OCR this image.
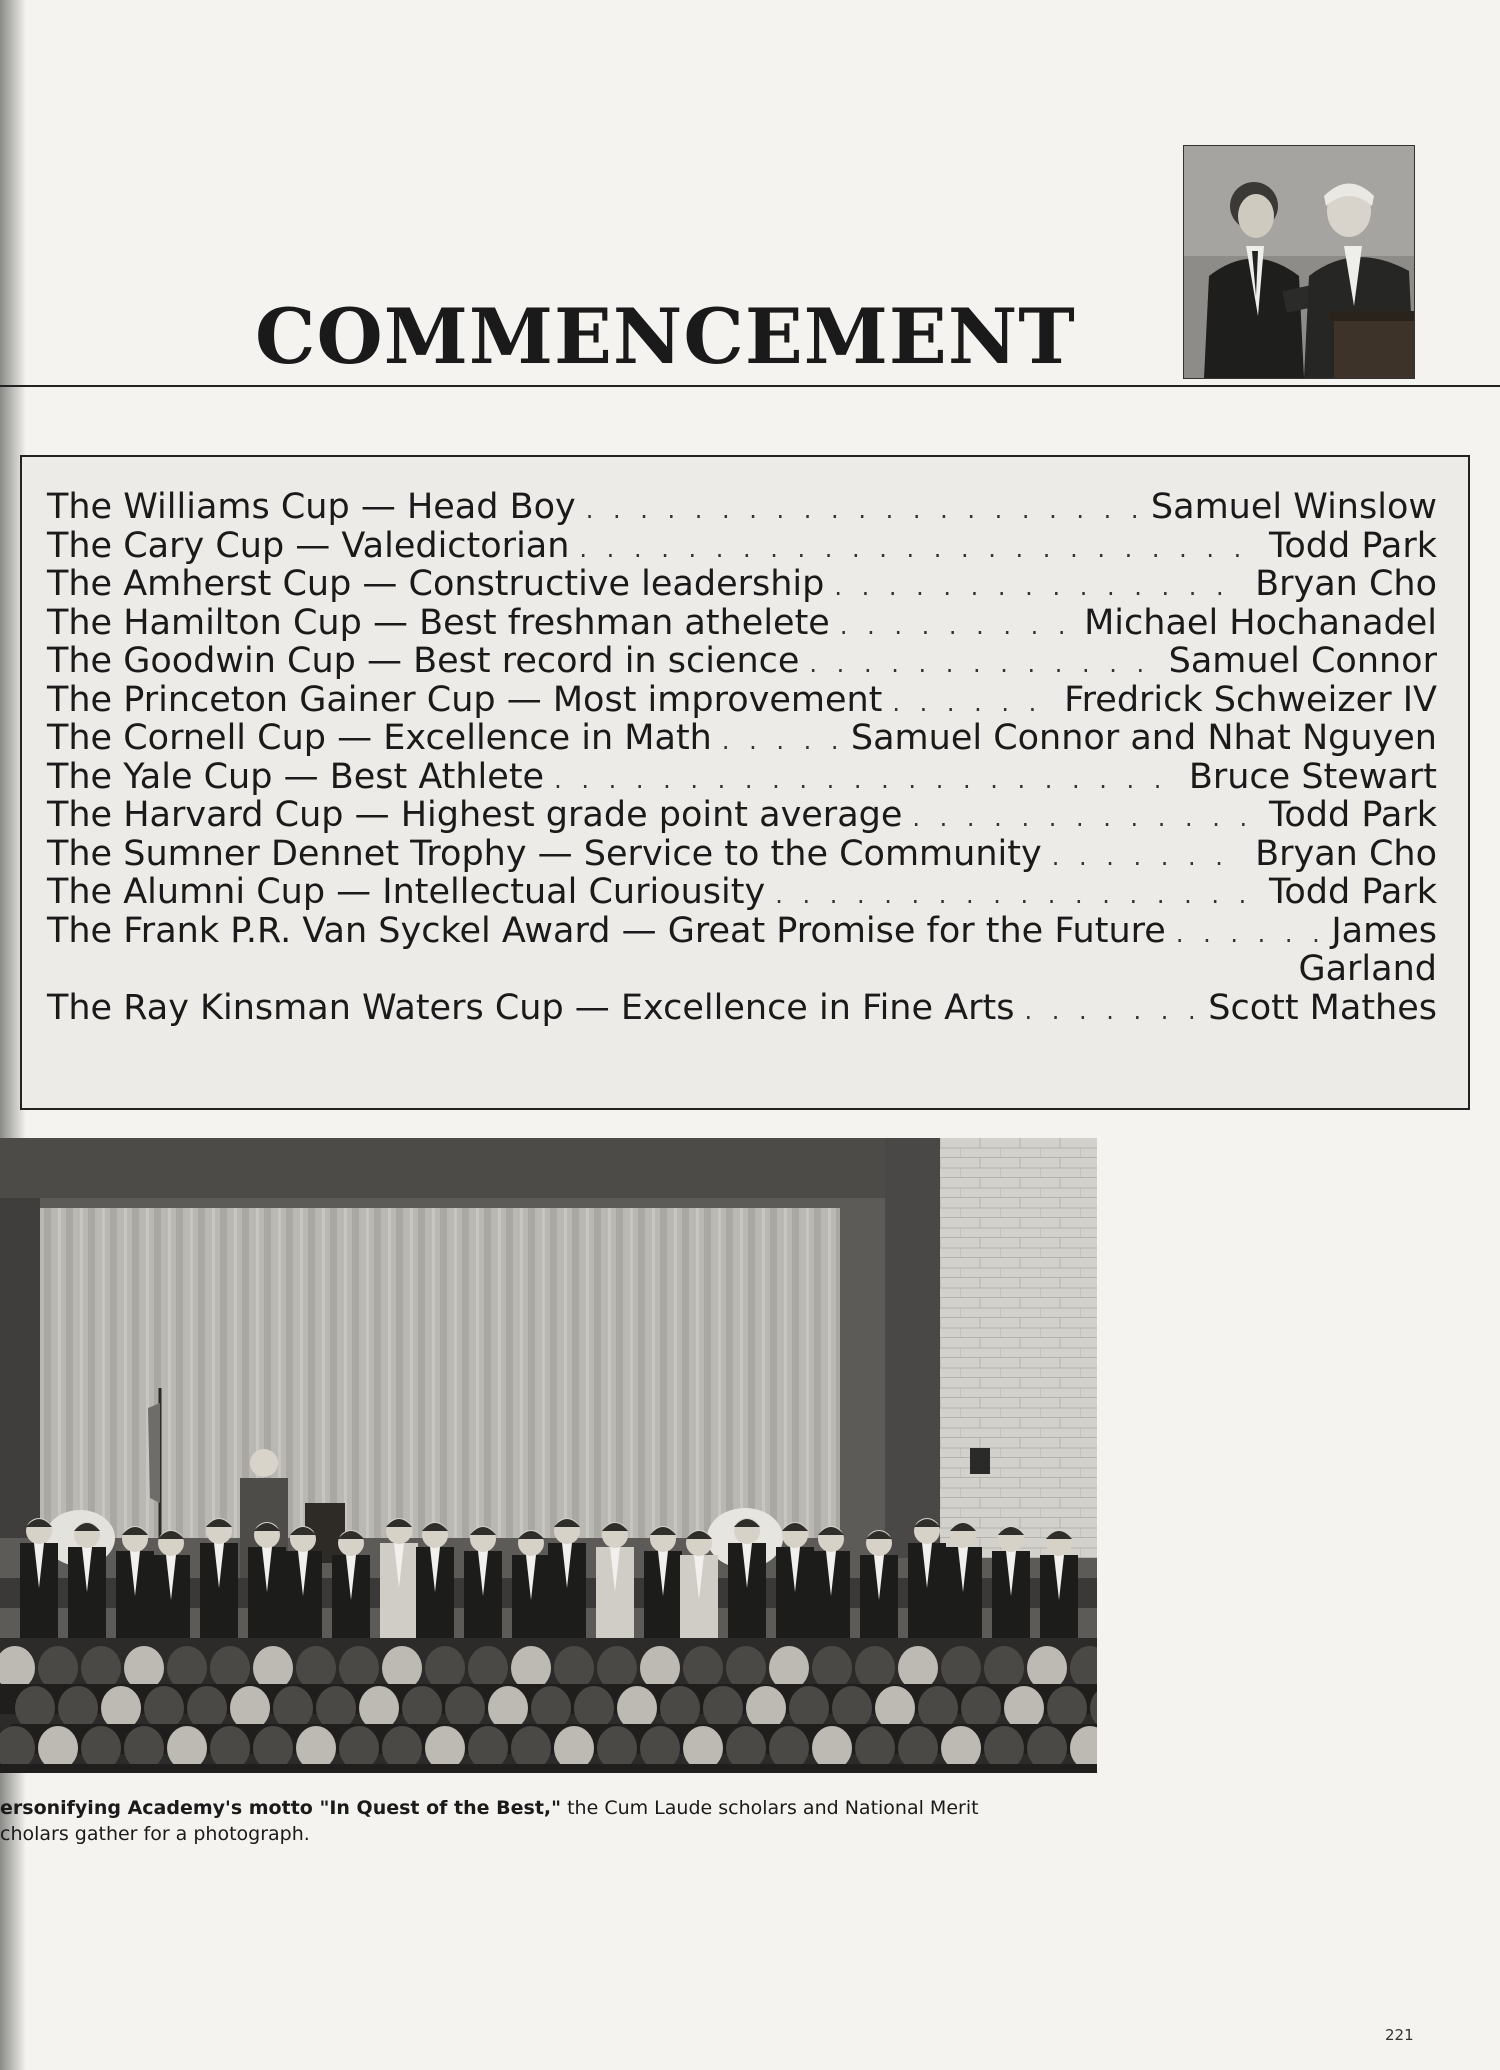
COMMENCEMENT
The Williams Cup — Head Boy . . .	Samuel Winslow
The Cary Cup — Valedictorian . . .	Todd Park
The Amherst Cup — Constructive leadership . . .	Bryan Cho
The Hamilton Cup — Best freshman athelete . . .	Michael Hochanadel
The Goodwin Cup — Best record in science . . .	Samuel Connor
The Princeton Gainer Cup — Most improvement . . .	Fredrick Schweizer IV
The Cornell Cup — Excellence in Math . . .	Samuel Connor and Nhat Nguyen
The Yale Cup — Best Athlete . . .	Bruce Stewart
The Harvard Cup — Highest grade point average . . .	Todd Park
The Sumner Dennet Trophy — Service to the Community . . .	Bryan Cho
The Alumni Cup — Intellectual Curiousity . . .	Todd Park
The Frank P.R. Van Syckel Award — Great Promise for the Future . . .	James
Garland
The Ray Kinsman Waters Cup — Excellence in Fine Arts . . .	Scott Mathes
ersonifying Academy's motto "In Quest of the Best," the Cum Laude scholars and National Merit
cholars gather for a photograph.
221
